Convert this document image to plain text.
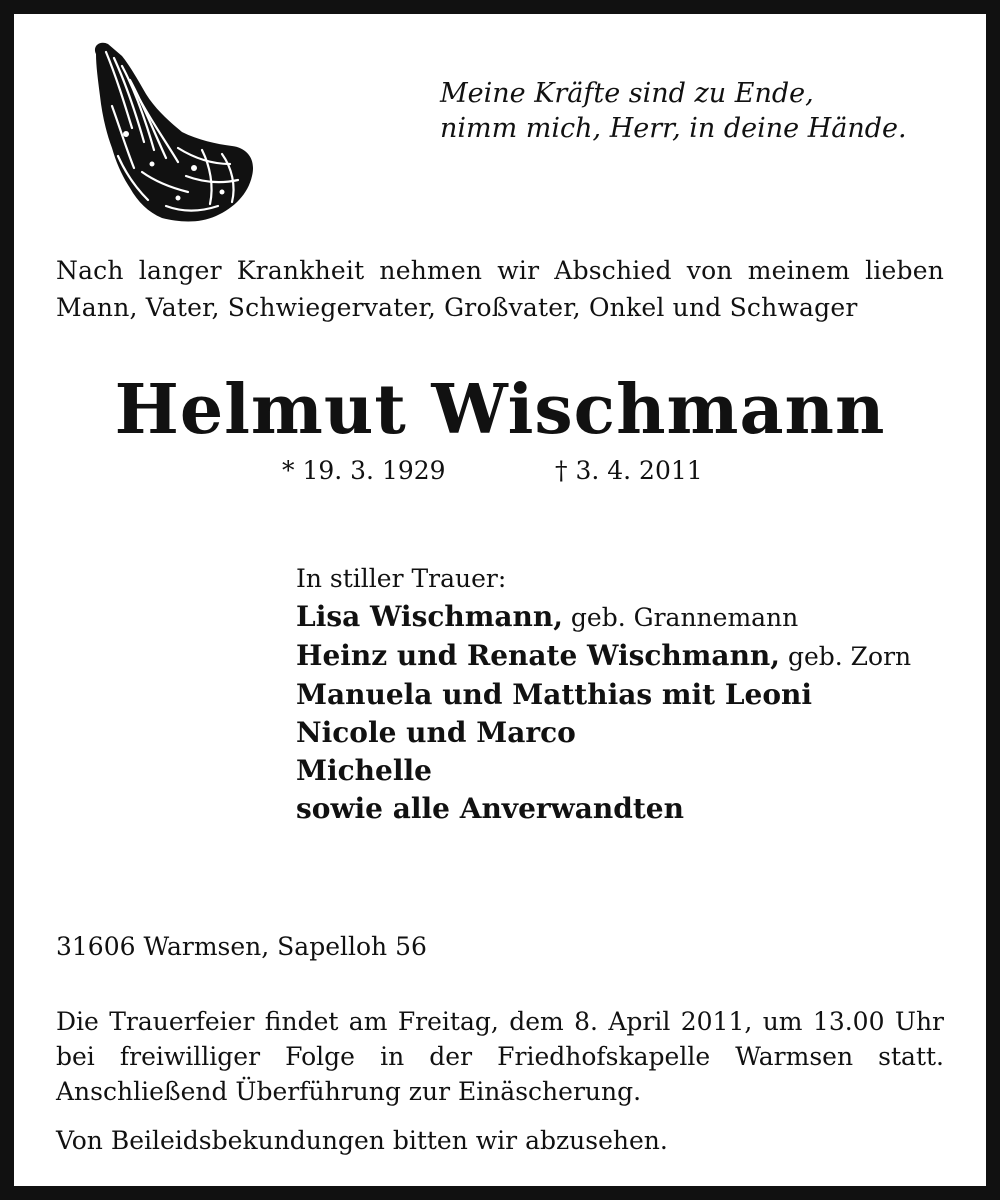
Meine Kräfte sind zu Ende,
nimm mich, Herr, in deine Hände.
Nach langer Krankheit nehmen wir Abschied von meinem lieben Mann, Vater, Schwiegervater, Großvater, Onkel und Schwager
Helmut Wischmann
* 19. 3. 1929	† 3. 4. 2011
In stiller Trauer:
Lisa Wischmann, geb. Grannemann
Heinz und Renate Wischmann, geb. Zorn
Manuela und Matthias mit Leoni
Nicole und Marco
Michelle
sowie alle Anverwandten
31606 Warmsen, Sapelloh 56
Die Trauerfeier findet am Freitag, dem 8. April 2011, um 13.00 Uhr bei freiwilliger Folge in der Friedhofskapelle Warmsen statt. Anschließend Überführung zur Einäscherung.
Von Beileidsbekundungen bitten wir abzusehen.
